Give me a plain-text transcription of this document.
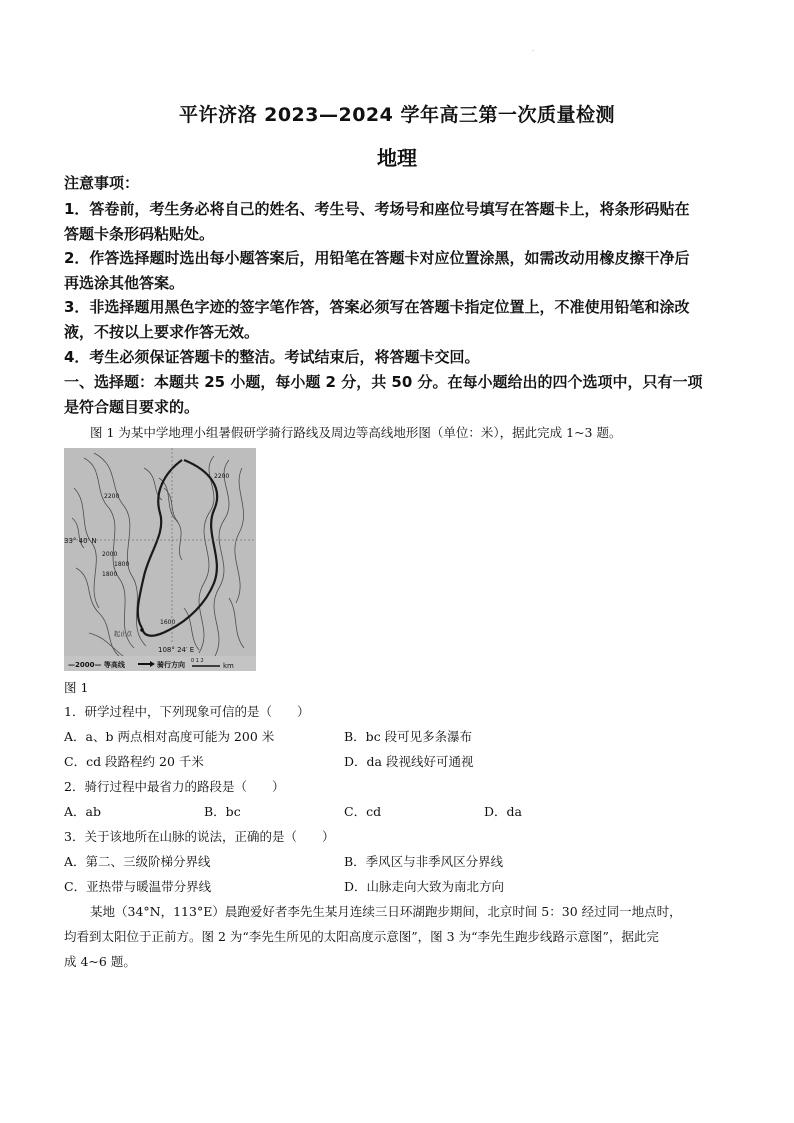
·
平许济洛 2023—2024 学年高三第一次质量检测
地理
注意事项：
1．答卷前，考生务必将自己的姓名、考生号、考场号和座位号填写在答题卡上，将条形码贴在
答题卡条形码粘贴处。
2．作答选择题时选出每小题答案后，用铅笔在答题卡对应位置涂黑，如需改动用橡皮擦干净后
再选涂其他答案。
3．非选择题用黑色字迹的签字笔作答，答案必须写在答题卡指定位置上，不准使用铅笔和涂改
液，不按以上要求作答无效。
4．考生必须保证答题卡的整洁。考试结束后，将答题卡交回。
一、选择题：本题共 25 小题，每小题 2 分，共 50 分。在每小题给出的四个选项中，只有一项
是符合题目要求的。
图 1 为某中学地理小组暑假研学骑行路线及周边等高线地形图（单位：米），据此完成 1~3 题。
33° 40′ N
108° 24′ E
2200
2000
1800
1600
1800
2200
起止点
—2000— 等高线	骑行方向 0 1 2
km
图 1
1．研学过程中，下列现象可信的是（　　）
A．a、b 两点相对高度可能为 200 米	B．bc 段可见多条瀑布
C．cd 段路程约 20 千米	D．da 段视线好可通视
2．骑行过程中最省力的路段是（　　）
A．ab	B．bc	C．cd	D．da
3．关于该地所在山脉的说法，正确的是（　　）
A．第二、三级阶梯分界线	B．季风区与非季风区分界线
C．亚热带与暖温带分界线	D．山脉走向大致为南北方向
某地（34°N，113°E）晨跑爱好者李先生某月连续三日环湖跑步期间，北京时间 5：30 经过同一地点时，
均看到太阳位于正前方。图 2 为“李先生所见的太阳高度示意图”，图 3 为“李先生跑步线路示意图”，据此完
成 4~6 题。
